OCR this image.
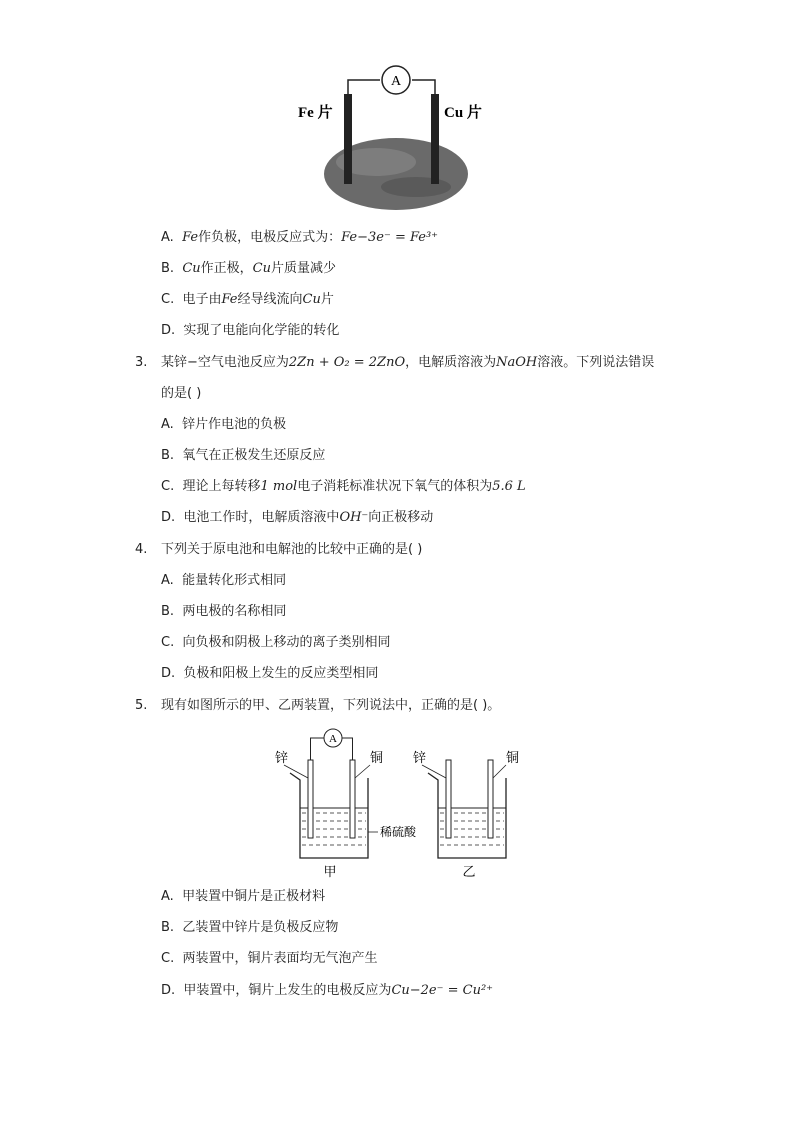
A
Fe 片	Cu 片
A. Fe作负极，电极反应式为：Fe−3e⁻ = Fe³⁺
B. Cu作正极，Cu片质量减少
C. 电子由Fe经导线流向Cu片
D. 实现了电能向化学能的转化
3. 某锌−空气电池反应为2Zn + O₂ = 2ZnO，电解质溶液为NaOH溶液。下列说法错误
的是( )
A. 锌片作电池的负极
B. 氧气在正极发生还原反应
C. 理论上每转移1 mol电子消耗标准状况下氧气的体积为5.6 L
D. 电池工作时，电解质溶液中OH⁻向正极移动
4. 下列关于原电池和电解池的比较中正确的是( )
A. 能量转化形式相同
B. 两电极的名称相同
C. 向负极和阴极上移动的离子类别相同
D. 负极和阳极上发生的反应类型相同
5. 现有如图所示的甲、乙两装置，下列说法中，正确的是( )。
A
锌	铜
甲
锌	铜
乙
稀硫酸
A. 甲装置中铜片是正极材料
B. 乙装置中锌片是负极反应物
C. 两装置中，铜片表面均无气泡产生
D. 甲装置中，铜片上发生的电极反应为Cu−2e⁻ = Cu²⁺
